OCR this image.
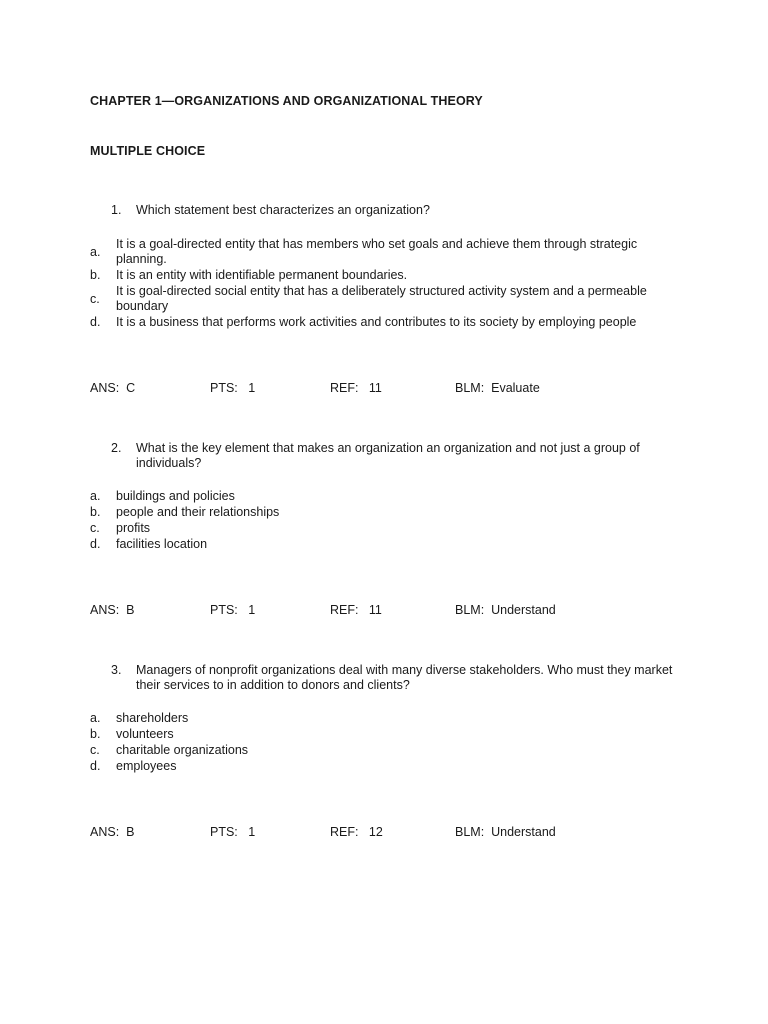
CHAPTER 1—ORGANIZATIONS AND ORGANIZATIONAL THEORY
MULTIPLE CHOICE
1.	Which statement best characterizes an organization?
a.
It is a goal-directed entity that has members who set goals and achieve them through strategic planning.
b.	It is an entity with identifiable permanent boundaries.
c.
It is goal-directed social entity that has a deliberately structured activity system and a permeable boundary
d.	It is a business that performs work activities and contributes to its society by employing people
ANS:  C	PTS:   1	REF:   11	BLM:  Evaluate
2.	What is the key element that makes an organization an organization and not just a group of individuals?
a.	buildings and policies
b.	people and their relationships
c.	profits
d.	facilities location
ANS:  B	PTS:   1	REF:   11	BLM:  Understand
3.	Managers of nonprofit organizations deal with many diverse stakeholders. Who must they market their services to in addition to donors and clients?
a.	shareholders
b.	volunteers
c.	charitable organizations
d.	employees
ANS:  B	PTS:   1	REF:   12	BLM:  Understand
